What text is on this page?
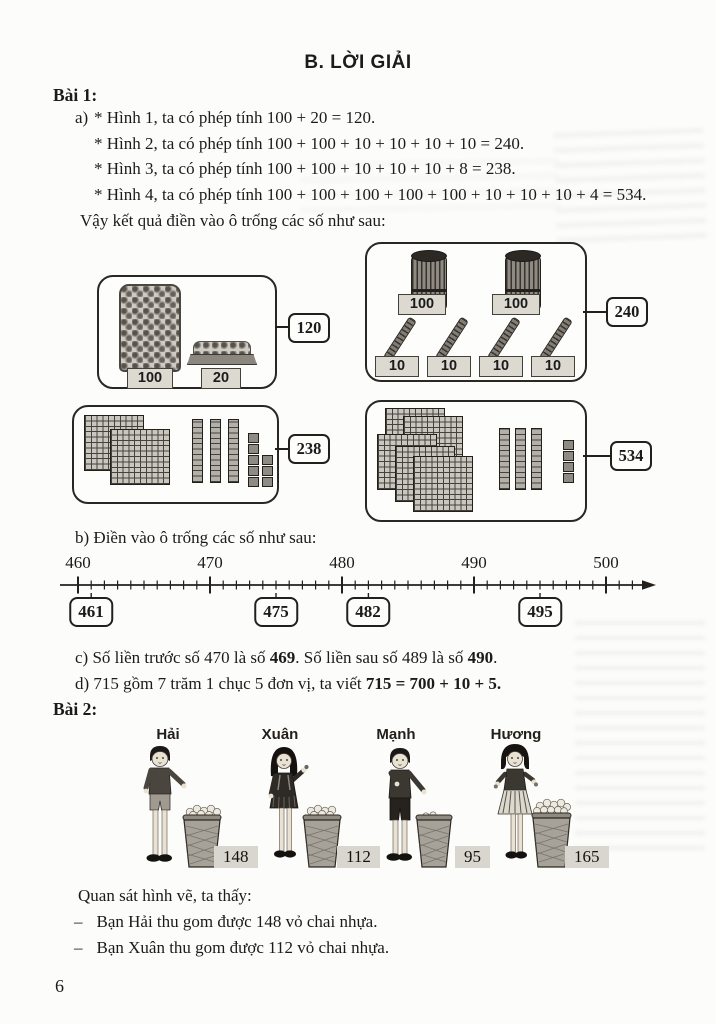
B. LỜI GIẢI
Bài 1:
a) * Hình 1, ta có phép tính 100 + 20 = 120.
* Hình 2, ta có phép tính 100 + 100 + 10 + 10 + 10 + 10 = 240.
* Hình 3, ta có phép tính 100 + 100 + 10 + 10 + 10 + 8 = 238.
* Hình 4, ta có phép tính 100 + 100 + 100 + 100 + 100 + 10 + 10 + 10 + 4 = 534.
Vậy kết quả điền vào ô trống các số như sau:
100	20
120
100	100
10	10	10	10
240
238	534
b) Điền vào ô trống các số như sau:
460	470	480	490	500
461	475	482	495
c) Số liền trước số 470 là số 469. Số liền sau số 489 là số 490.
d) 715 gồm 7 trăm 1 chục 5 đơn vị, ta viết 715 = 700 + 10 + 5.
Bài 2:
Hải	Xuân	Mạnh	Hương
148	112	95	165
Quan sát hình vẽ, ta thấy:
– Bạn Hải thu gom được 148 vỏ chai nhựa.
– Bạn Xuân thu gom được 112 vỏ chai nhựa.
6
